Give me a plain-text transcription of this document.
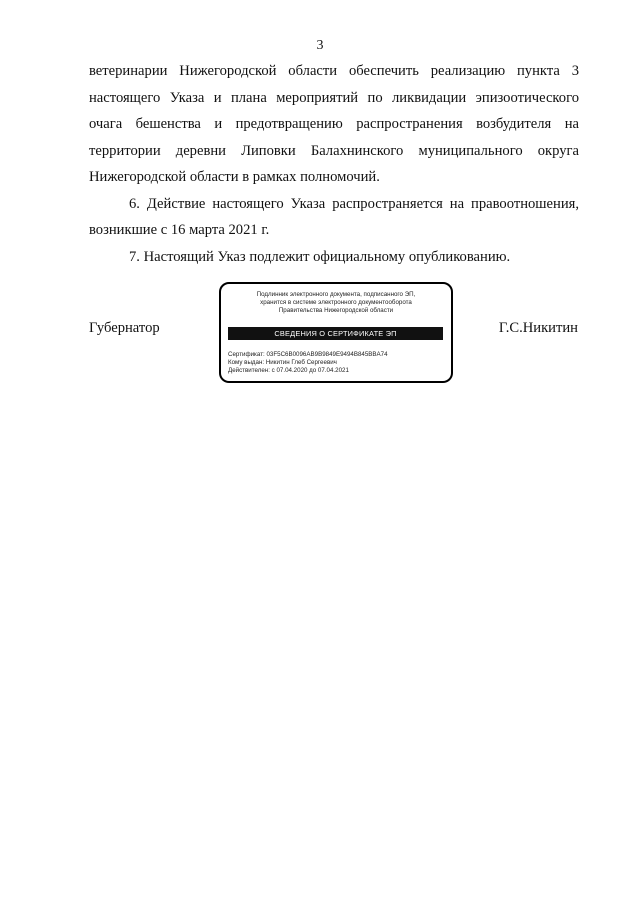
3
ветеринарии Нижегородской области обеспечить реализацию пункта 3
настоящего Указа и плана мероприятий по ликвидации эпизоотического
очага бешенства и предотвращению распространения возбудителя на
территории деревни Липовки Балахнинского муниципального округа
Нижегородской области в рамках полномочий.
6. Действие настоящего Указа распространяется на правоотношения,
возникшие с 16 марта 2021 г.
7. Настоящий Указ подлежит официальному опубликованию.
Губернатор
Подлинник электронного документа, подписанного ЭП,
хранится в системе электронного документооборота
Правительства Нижегородской области
СВЕДЕНИЯ О СЕРТИФИКАТЕ ЭП
Сертификат: 03F5C6B0096AB9B9849E9494B845BBA74
Кому выдан: Никитин Глеб Сергеевич
Действителен: с 07.04.2020 до 07.04.2021
Г.С.Никитин
